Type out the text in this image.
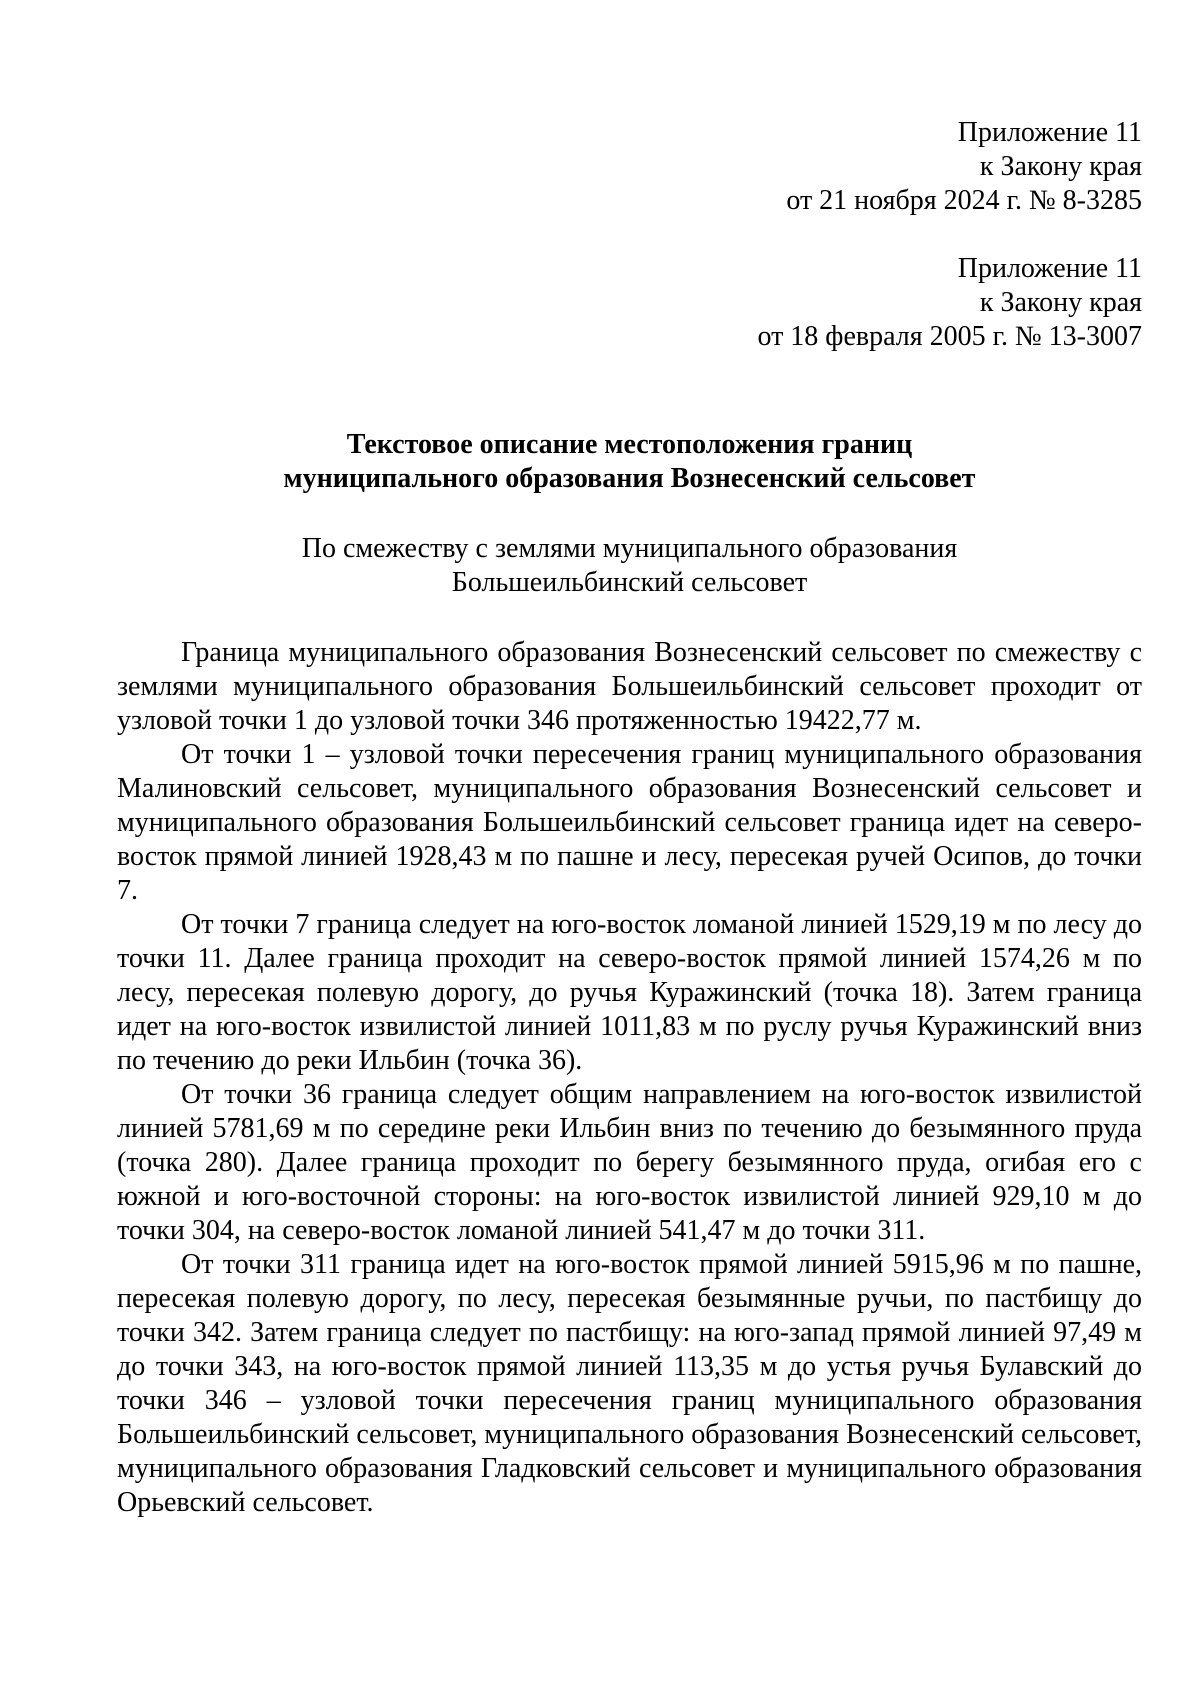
Приложение 11
к Закону края
от 21 ноября 2024 г. № 8-3285
Приложение 11
к Закону края
от 18 февраля 2005 г. № 13-3007
Текстовое описание местоположения границ
муниципального образования Вознесенский сельсовет
По смежеству с землями муниципального образования
Большеильбинский сельсовет

Граница муниципального образования Вознесенский сельсовет по смежеству с землями муниципального образования Большеильбинский сельсовет проходит от узловой точки 1 до узловой точки 346 протяженностью 19422,77 м.

От точки 1 – узловой точки пересечения границ муниципального образования Малиновский сельсовет, муниципального образования Вознесенский сельсовет и муниципального образования Большеильбинский сельсовет граница идет на северо-восток прямой линией 1928,43 м по пашне и лесу, пересекая ручей Осипов, до точки 7.

От точки 7 граница следует на юго-восток ломаной линией 1529,19 м по лесу до точки 11. Далее граница проходит на северо-восток прямой линией 1574,26 м по лесу, пересекая полевую дорогу, до ручья Куражинский (точка 18). Затем граница идет на юго-восток извилистой линией 1011,83 м по руслу ручья Куражинский вниз по течению до реки Ильбин (точка 36).

От точки 36 граница следует общим направлением на юго-восток извилистой линией 5781,69 м по середине реки Ильбин вниз по течению до безымянного пруда (точка 280). Далее граница проходит по берегу безымянного пруда, огибая его с южной и юго-восточной стороны: на юго-восток извилистой линией 929,10 м до точки 304, на северо-восток ломаной линией 541,47 м до точки 311.

От точки 311 граница идет на юго-восток прямой линией 5915,96 м по пашне, пересекая полевую дорогу, по лесу, пересекая безымянные ручьи, по пастбищу до точки 342. Затем граница следует по пастбищу: на юго-запад прямой линией 97,49 м до точки 343, на юго-восток прямой линией 113,35 м до устья ручья Булавский до точки 346 – узловой точки пересечения границ муниципального образования Большеильбинский сельсовет, муниципального образования Вознесенский сельсовет, муниципального образования Гладковский сельсовет и муниципального образования Орьевский сельсовет.
